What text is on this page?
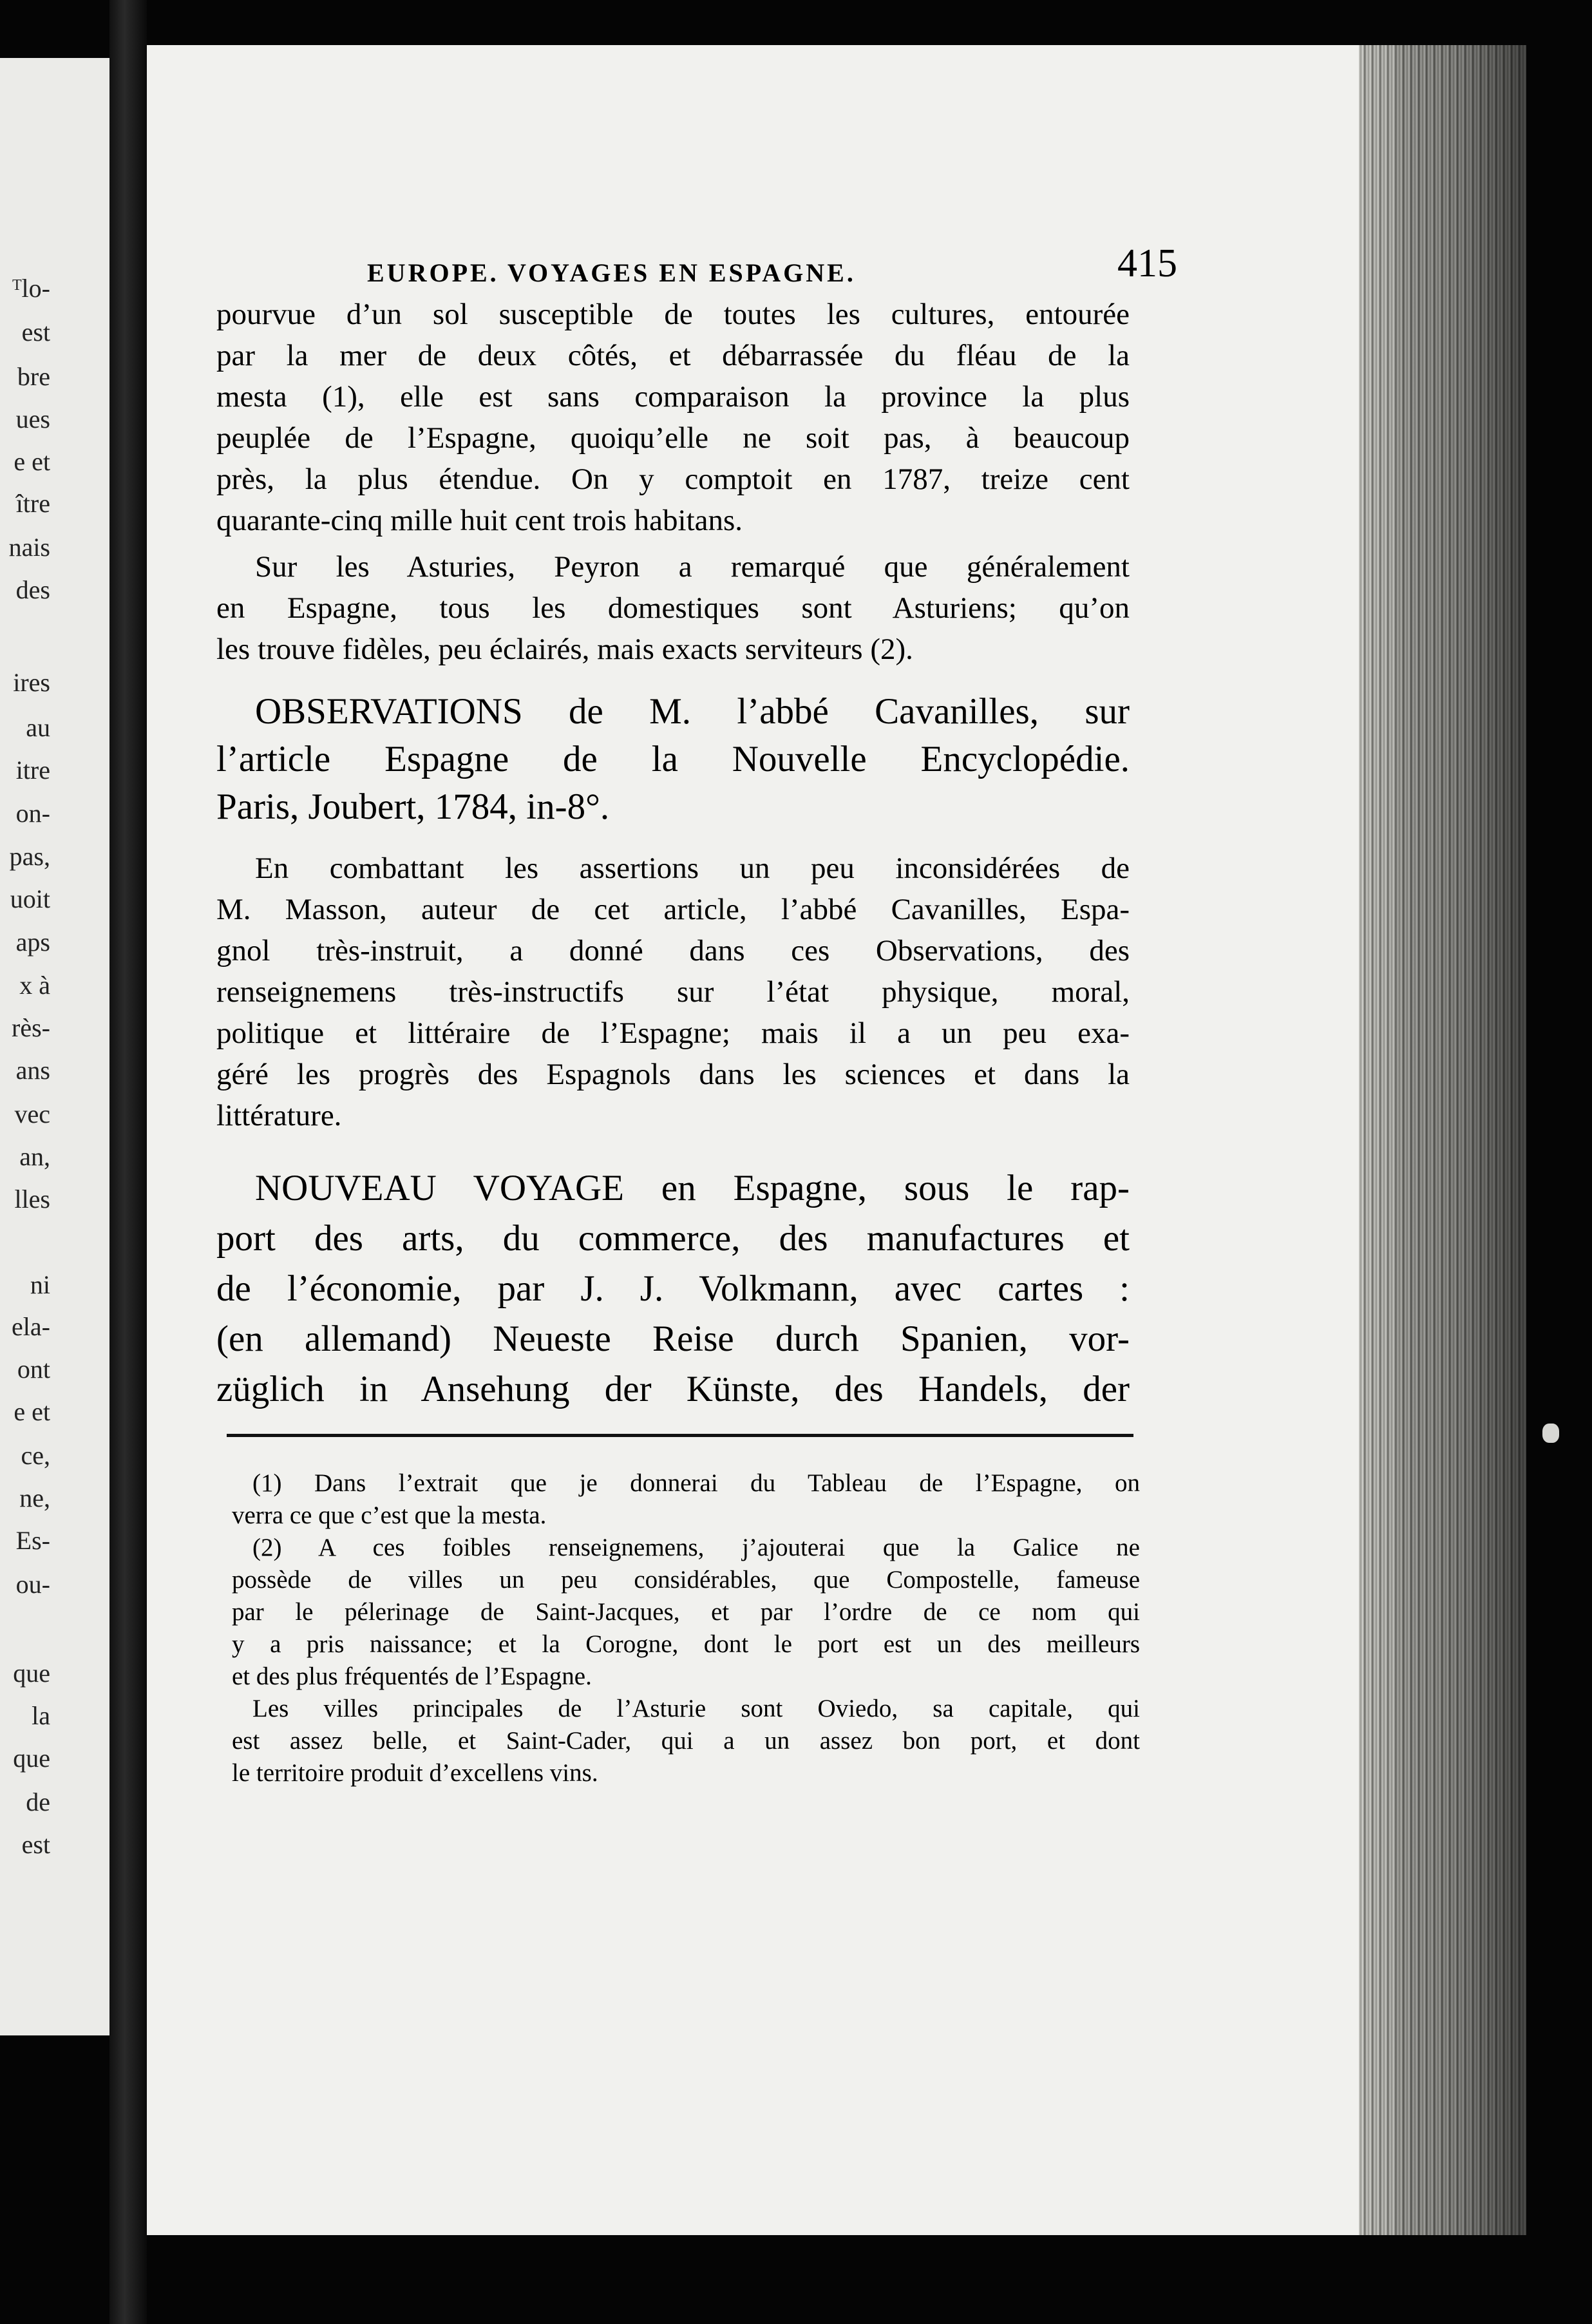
ᵀlo-
est
bre
ues
e et
ître
nais
des
ires
au
itre
on-
pas,
uoit
aps
x à
rès-
ans
vec
an,
lles
ni
ela-
ont
e et
ce,
ne,
Es-
ou-
que
la
que
de
est
EUROPE. VOYAGES EN ESPAGNE.	415
pourvue d’un sol susceptible de toutes les cultures, entourée
par la mer de deux côtés, et débarrassée du fléau de la
mesta (1), elle est sans comparaison la province la plus
peuplée de l’Espagne, quoiqu’elle ne soit pas, à beaucoup
près, la plus étendue. On y comptoit en 1787, treize cent
quarante-cinq mille huit cent trois habitans.
Sur les Asturies, Peyron a remarqué que généralement
en Espagne, tous les domestiques sont Asturiens; qu’on
les trouve fidèles, peu éclairés, mais exacts serviteurs (2).
OBSERVATIONS de M. l’abbé Cavanilles, sur
l’article Espagne de la Nouvelle Encyclopédie.
Paris, Joubert, 1784, in-8°.
En combattant les assertions un peu inconsidérées de
M. Masson, auteur de cet article, l’abbé Cavanilles, Espa-
gnol très-instruit, a donné dans ces Observations, des
renseignemens très-instructifs sur l’état physique, moral,
politique et littéraire de l’Espagne; mais il a un peu exa-
géré les progrès des Espagnols dans les sciences et dans la
littérature.
NOUVEAU VOYAGE en Espagne, sous le rap-
port des arts, du commerce, des manufactures et
de l’économie, par J. J. Volkmann, avec cartes :
(en allemand) Neueste Reise durch Spanien, vor-
züglich in Ansehung der Künste, des Handels, der
(1) Dans l’extrait que je donnerai du Tableau de l’Espagne, on
verra ce que c’est que la mesta.
(2) A ces foibles renseignemens, j’ajouterai que la Galice ne
possède de villes un peu considérables, que Compostelle, fameuse
par le pélerinage de Saint-Jacques, et par l’ordre de ce nom qui
y a pris naissance; et la Corogne, dont le port est un des meilleurs
et des plus fréquentés de l’Espagne.
Les villes principales de l’Asturie sont Oviedo, sa capitale, qui
est assez belle, et Saint-Cader, qui a un assez bon port, et dont
le territoire produit d’excellens vins.
